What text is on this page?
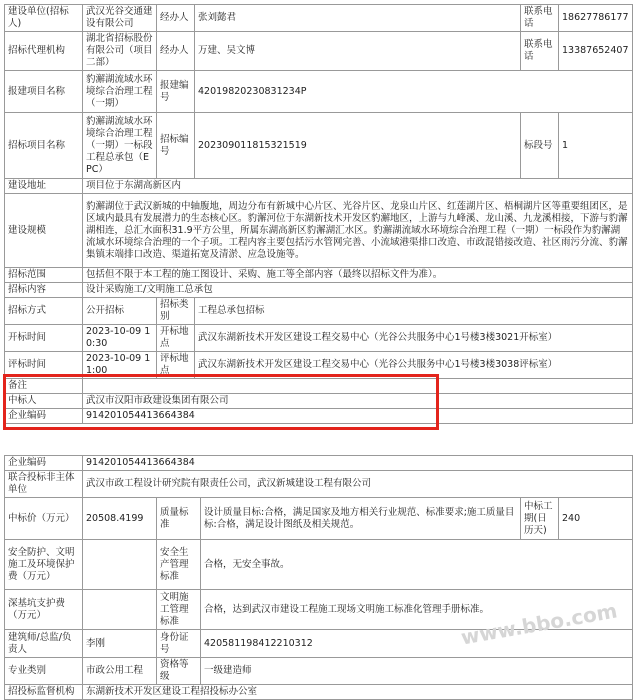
建设单位(招标人)	武汉光谷交通建设有限公司	经办人	张刘懿君	联系电话	18627786177
招标代理机构	湖北省招标股份有限公司（项目二部）	经办人	万建、吴文博	联系电话	13387652407
报建项目名称	豹澥湖流域水环境综合治理工程（一期）	报建编号	42019820230831234P		
招标项目名称	豹澥湖流域水环境综合治理工程（一期）一标段工程总承包（EPC）	招标编号	2023090118153215​19	标段号	1
建设地址	项目位于东湖高新区内				
建设规模	豹澥湖位于武汉新城的中轴腹地，周边分布有新城中心片区、光谷片区、龙泉山片区、红莲湖片区、梧桐湖片区等重要组团区，是区域内最具有发展潜力的生态核心区。豹澥河位于东湖新技术开发区豹澥地区，上游与九峰溪、龙山溪、九龙溪相接，下游与豹澥湖相连，总汇水面积31.9平方公里，所属东湖高新区豹澥湖汇水区。豹澥湖流域水环境综合治理工程（一期）一标段作为豹澥湖流域水环境综合治理的一个子项。工程内容主要包括污水管网完善、小流域港渠排口改造、市政混错接改造、社区雨污分流、豹澥集镇末端排口改造、渠道拓宽及清淤、应急设施等。				
招标范围	包括但不限于本工程的施工图设计、采购、施工等全部内容（最终以招标文件为准）。				
招标内容	设计采购施工/文明施工总承包				
招标方式	公开招标	招标类别	工程总承包招标		
开标时间	2023-10-09 10:30	开标地点	武汉东湖新技术开发区建设工程交易中心（光谷公共服务中心1号楼3楼3021开标室）		
评标时间	2023-10-09 11:00	评标地点	武汉东湖新技术开发区建设工程交易中心（光谷公共服务中心1号楼3楼3038评标室）		
备注					
中标人	武汉市汉阳市政建设集团有限公司				
企业编码	914201054413664384				
企业编码	914201054413664384				
联合投标非主体单位	武汉市政工程设计研究院有限责任公司，武汉新城建设工程有限公司				
中标价（万元）	20508.4199	质量标准	设计质量目标:合格，满足国家及地方相关行业规范、标准要求;施工质量目标:合格，满足设计图纸及相关规范。	中标工期(日历天)	240
安全防护、文明施工及环境保护费（万元）		安全生产管理标准	合格，无安全事故。		
深基坑支护费（万元）		文明施工管理标准	合格，达到武汉市建设工程施工现场文明施工标准化管理手册标准。		
建筑师/总监/负责人	李刚	身份证号	420581198412210312		
专业类别	市政公用工程	资格等级	一级建造师		
招投标监督机构	东湖新技术开发区建设工程招投标办公室				
www.bbo.com
